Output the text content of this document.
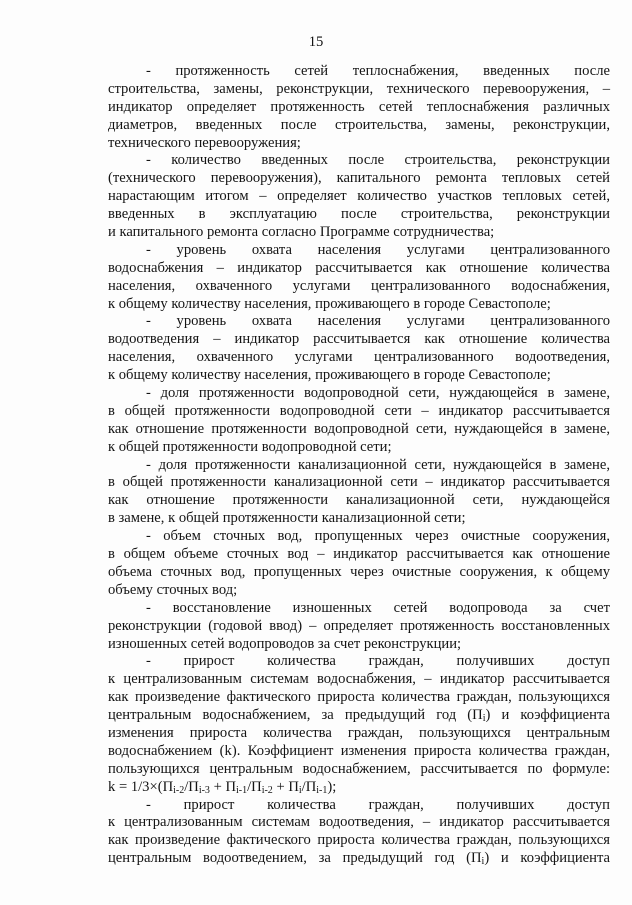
15
- протяженность сетей теплоснабжения, введенных после
строительства, замены, реконструкции, технического перевооружения, –
индикатор определяет протяженность сетей теплоснабжения различных
диаметров, введенных после строительства, замены, реконструкции,
технического перевооружения;
- количество введенных после строительства, реконструкции
(технического перевооружения), капитального ремонта тепловых сетей
нарастающим итогом – определяет количество участков тепловых сетей,
введенных в эксплуатацию после строительства, реконструкции
и капитального ремонта согласно Программе сотрудничества;
- уровень охвата населения услугами централизованного
водоснабжения – индикатор рассчитывается как отношение количества
населения, охваченного услугами централизованного водоснабжения,
к общему количеству населения, проживающего в городе Севастополе;
- уровень охвата населения услугами централизованного
водоотведения – индикатор рассчитывается как отношение количества
населения, охваченного услугами централизованного водоотведения,
к общему количеству населения, проживающего в городе Севастополе;
- доля протяженности водопроводной сети, нуждающейся в замене,
в общей протяженности водопроводной сети – индикатор рассчитывается
как отношение протяженности водопроводной сети, нуждающейся в замене,
к общей протяженности водопроводной сети;
- доля протяженности канализационной сети, нуждающейся в замене,
в общей протяженности канализационной сети – индикатор рассчитывается
как отношение протяженности канализационной сети, нуждающейся
в замене, к общей протяженности канализационной сети;
- объем сточных вод, пропущенных через очистные сооружения,
в общем объеме сточных вод – индикатор рассчитывается как отношение
объема сточных вод, пропущенных через очистные сооружения, к общему
объему сточных вод;
- восстановление изношенных сетей водопровода за счет
реконструкции (годовой ввод) – определяет протяженность восстановленных
изношенных сетей водопроводов за счет реконструкции;
- прирост количества граждан, получивших доступ
к централизованным системам водоснабжения, – индикатор рассчитывается
как произведение фактического прироста количества граждан, пользующихся
центральным водоснабжением, за предыдущий год $(П_i)$ и коэффициента
изменения прироста количества граждан, пользующихся центральным
водоснабжением (k). Коэффициент изменения прироста количества граждан,
пользующихся центральным водоснабжением, рассчитывается по формуле:
$k = 1/3\times(П_{i-2}/П_{i-3} + П_{i-1}/П_{i-2} + П_i/П_{i-1})$;
- прирост количества граждан, получивших доступ
к централизованным системам водоотведения, – индикатор рассчитывается
как произведение фактического прироста количества граждан, пользующихся
центральным водоотведением, за предыдущий год $(П_i)$ и коэффициента
